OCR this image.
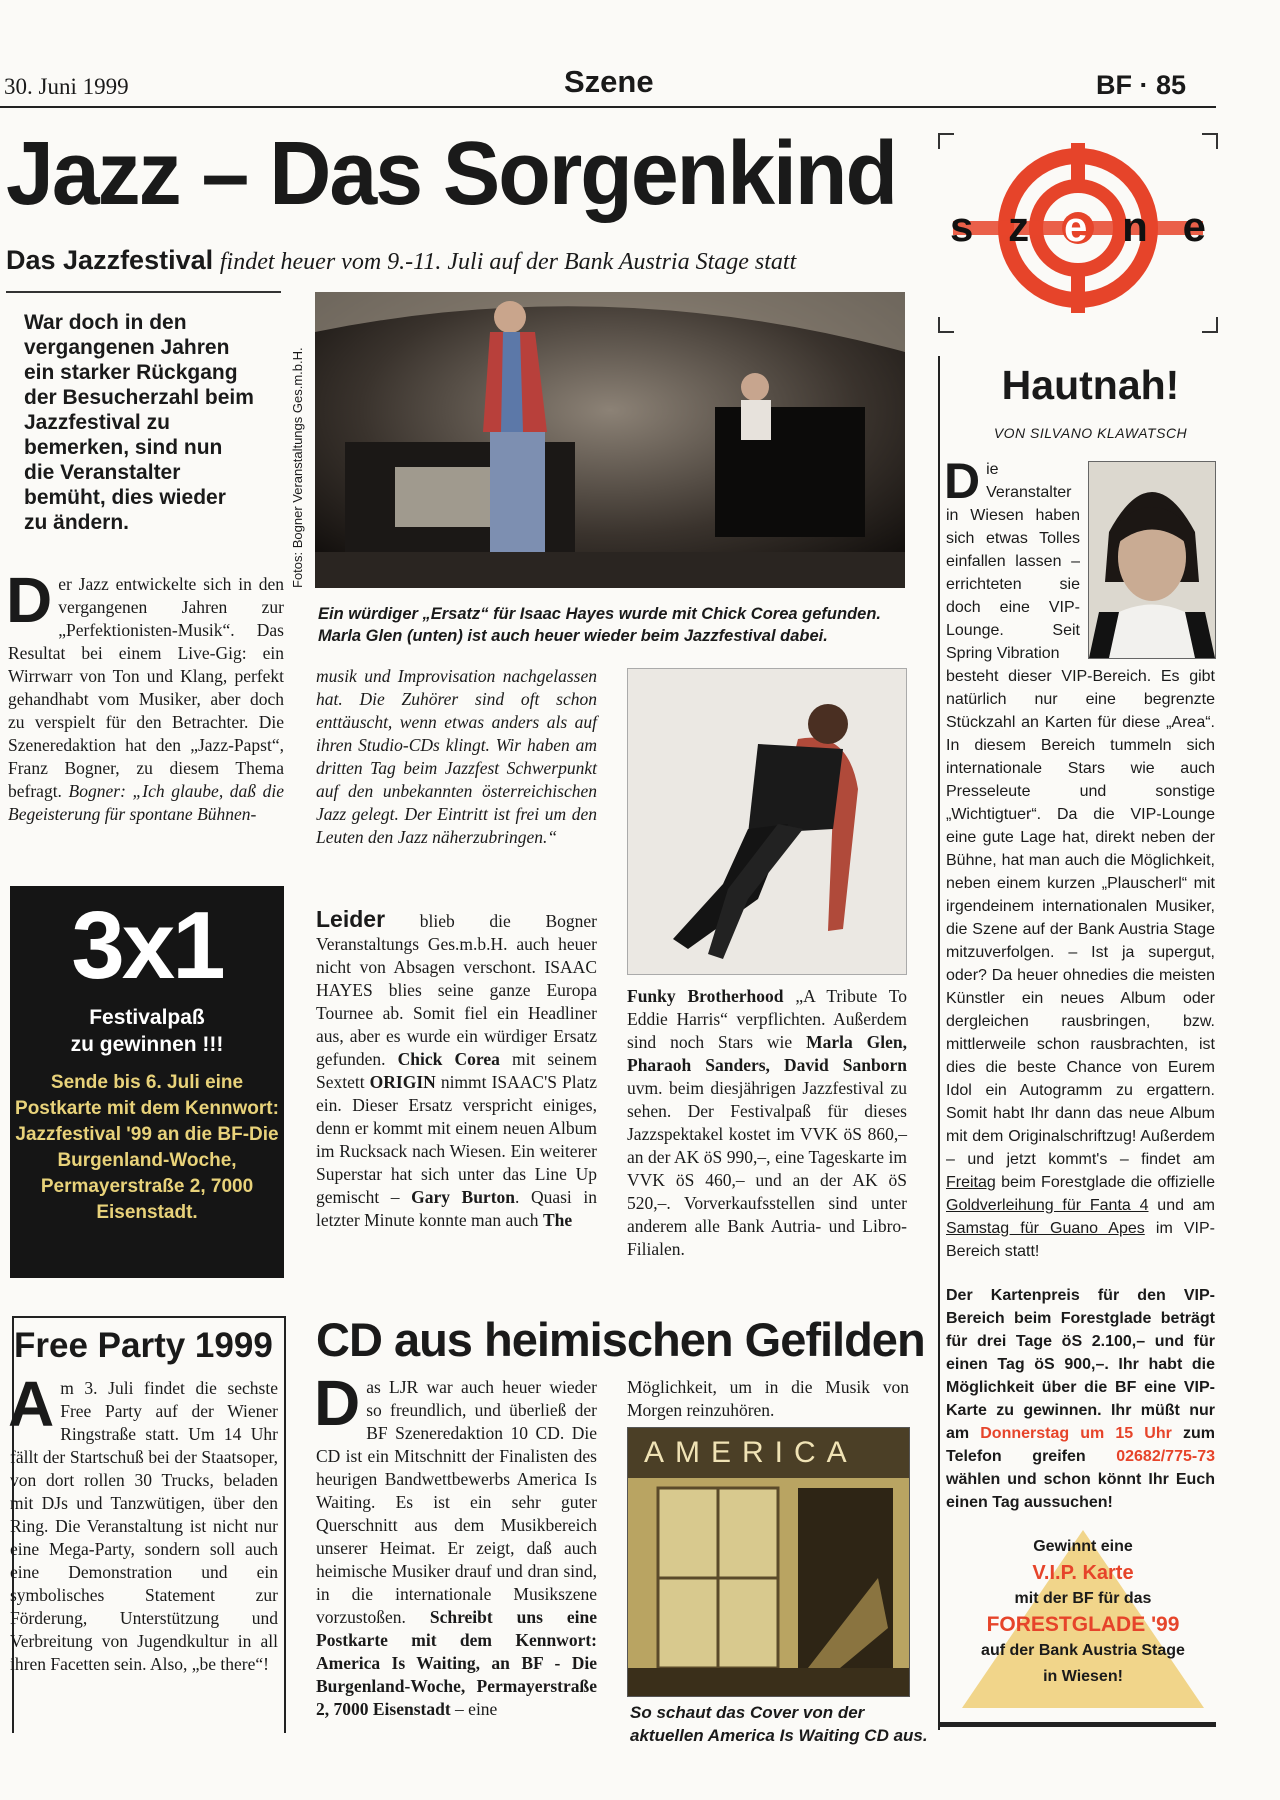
30. Juni 1999	Szene	BF · 85
Jazz – Das Sorgenkind
Das Jazzfestival findet heuer vom 9.-11. Juli auf der Bank Austria Stage statt
War doch in den vergangenen Jahren ein starker Rückgang der Besucherzahl beim Jazzfestival zu bemerken, sind nun die Veranstalter bemüht, dies wieder zu ändern.
Der Jazz entwickelte sich in den vergangenen Jahren zur „Perfektionisten-Musik“. Das Resultat bei einem Live-Gig: ein Wirrwarr von Ton und Klang, perfekt gehandhabt vom Musiker, aber doch zu verspielt für den Betrachter. Die Szeneredaktion hat den „Jazz-Papst“, Franz Bogner, zu diesem Thema befragt. Bogner: „Ich glaube, daß die Begeisterung für spontane Bühnen-
3x1
Festivalpaß
zu gewinnen !!!
Sende bis 6. Juli eine Postkarte mit dem Kennwort: Jazzfestival '99 an die BF-Die Burgenland-Woche, Permayerstraße 2, 7000 Eisenstadt.
Free Party 1999
Am 3. Juli findet die sechste Free Party auf der Wiener Ringstraße statt. Um 14 Uhr fällt der Startschuß bei der Staatsoper, von dort rollen 30 Trucks, beladen mit DJs und Tanzwütigen, über den Ring. Die Veranstaltung ist nicht nur eine Mega-Party, sondern soll auch eine Demonstration und ein symbolisches Statement zur Förderung, Unterstützung und Verbreitung von Jugendkultur in all ihren Facetten sein. Also, „be there“!
Fotos: Bogner Veranstaltungs Ges.m.b.H.
Ein würdiger „Ersatz“ für Isaac Hayes wurde mit Chick Corea gefunden. Marla Glen (unten) ist auch heuer wieder beim Jazzfestival dabei.
musik und Improvisation nachgelassen hat. Die Zuhörer sind oft schon enttäuscht, wenn etwas anders als auf ihren Studio-CDs klingt. Wir haben am dritten Tag beim Jazzfest Schwerpunkt auf den unbekannten österreichischen Jazz gelegt. Der Eintritt ist frei um den Leuten den Jazz näherzubringen.“
Leider blieb die Bogner Veranstaltungs Ges.m.b.H. auch heuer nicht von Absagen verschont. ISAAC HAYES blies seine ganze Europa Tournee ab. Somit fiel ein Headliner aus, aber es wurde ein würdiger Ersatz gefunden. Chick Corea mit seinem Sextett ORIGIN nimmt ISAAC'S Platz ein. Dieser Ersatz verspricht einiges, denn er kommt mit einem neuen Album im Rucksack nach Wiesen. Ein weiterer Superstar hat sich unter das Line Up gemischt – Gary Burton. Quasi in letzter Minute konnte man auch The
Funky Brotherhood „A Tribute To Eddie Harris“ verpflichten. Außerdem sind noch Stars wie Marla Glen, Pharaoh Sanders, David Sanborn uvm. beim diesjährigen Jazzfestival zu sehen. Der Festivalpaß für dieses Jazzspektakel kostet im VVK öS 860,– an der AK öS 990,–, eine Tageskarte im VVK öS 460,– und an der AK öS 520,–. Vorverkaufsstellen sind unter anderem alle Bank Autria- und Libro-Filialen.
CD aus heimischen Gefilden
Das LJR war auch heuer wieder so freundlich, und überließ der BF Szeneredaktion 10 CD. Die CD ist ein Mitschnitt der Finalisten des heurigen Bandwettbewerbs America Is Waiting. Es ist ein sehr guter Querschnitt aus dem Musikbereich unserer Heimat. Er zeigt, daß auch heimische Musiker drauf und dran sind, in die internationale Musikszene vorzustoßen. Schreibt uns eine Postkarte mit dem Kennwort: America Is Waiting, an BF - Die Burgenland-Woche, Permayerstraße 2, 7000 Eisenstadt – eine
Möglichkeit, um in die Musik von Morgen reinzuhören.
AMERICA
So schaut das Cover von der aktuellen America Is Waiting CD aus.
s z e n e
Hautnah!
VON SILVANO KLAWATSCH
Die Veranstalter in Wiesen haben sich etwas Tolles einfallen lassen – errichteten sie doch eine VIP-Lounge. Seit Spring Vibration
besteht dieser VIP-Bereich. Es gibt natürlich nur eine begrenzte Stückzahl an Karten für diese „Area“. In diesem Bereich tummeln sich internationale Stars wie auch Presseleute und sonstige „Wichtigtuer“. Da die VIP-Lounge eine gute Lage hat, direkt neben der Bühne, hat man auch die Möglichkeit, neben einem kurzen „Plauscherl“ mit irgendeinem internationalen Musiker, die Szene auf der Bank Austria Stage mitzuverfolgen. – Ist ja supergut, oder? Da heuer ohnedies die meisten Künstler ein neues Album oder dergleichen rausbringen, bzw. mittlerweile schon rausbrachten, ist dies die beste Chance von Eurem Idol ein Autogramm zu ergattern. Somit habt Ihr dann das neue Album mit dem Originalschriftzug! Außerdem – und jetzt kommt's – findet am Freitag beim Forestglade die offizielle Goldverleihung für Fanta 4 und am Samstag für Guano Apes im VIP-Bereich statt!
Der Kartenpreis für den VIP-Bereich beim Forestglade beträgt für drei Tage öS 2.100,– und für einen Tag öS 900,–. Ihr habt die Möglichkeit über die BF eine VIP-Karte zu gewinnen. Ihr müßt nur am Donnerstag um 15 Uhr zum Telefon greifen 02682/775-73 wählen und schon könnt Ihr Euch einen Tag aussuchen!
Gewinnt eine
V.I.P. Karte
mit der BF für das
FORESTGLADE '99
auf der Bank Austria Stage
in Wiesen!
